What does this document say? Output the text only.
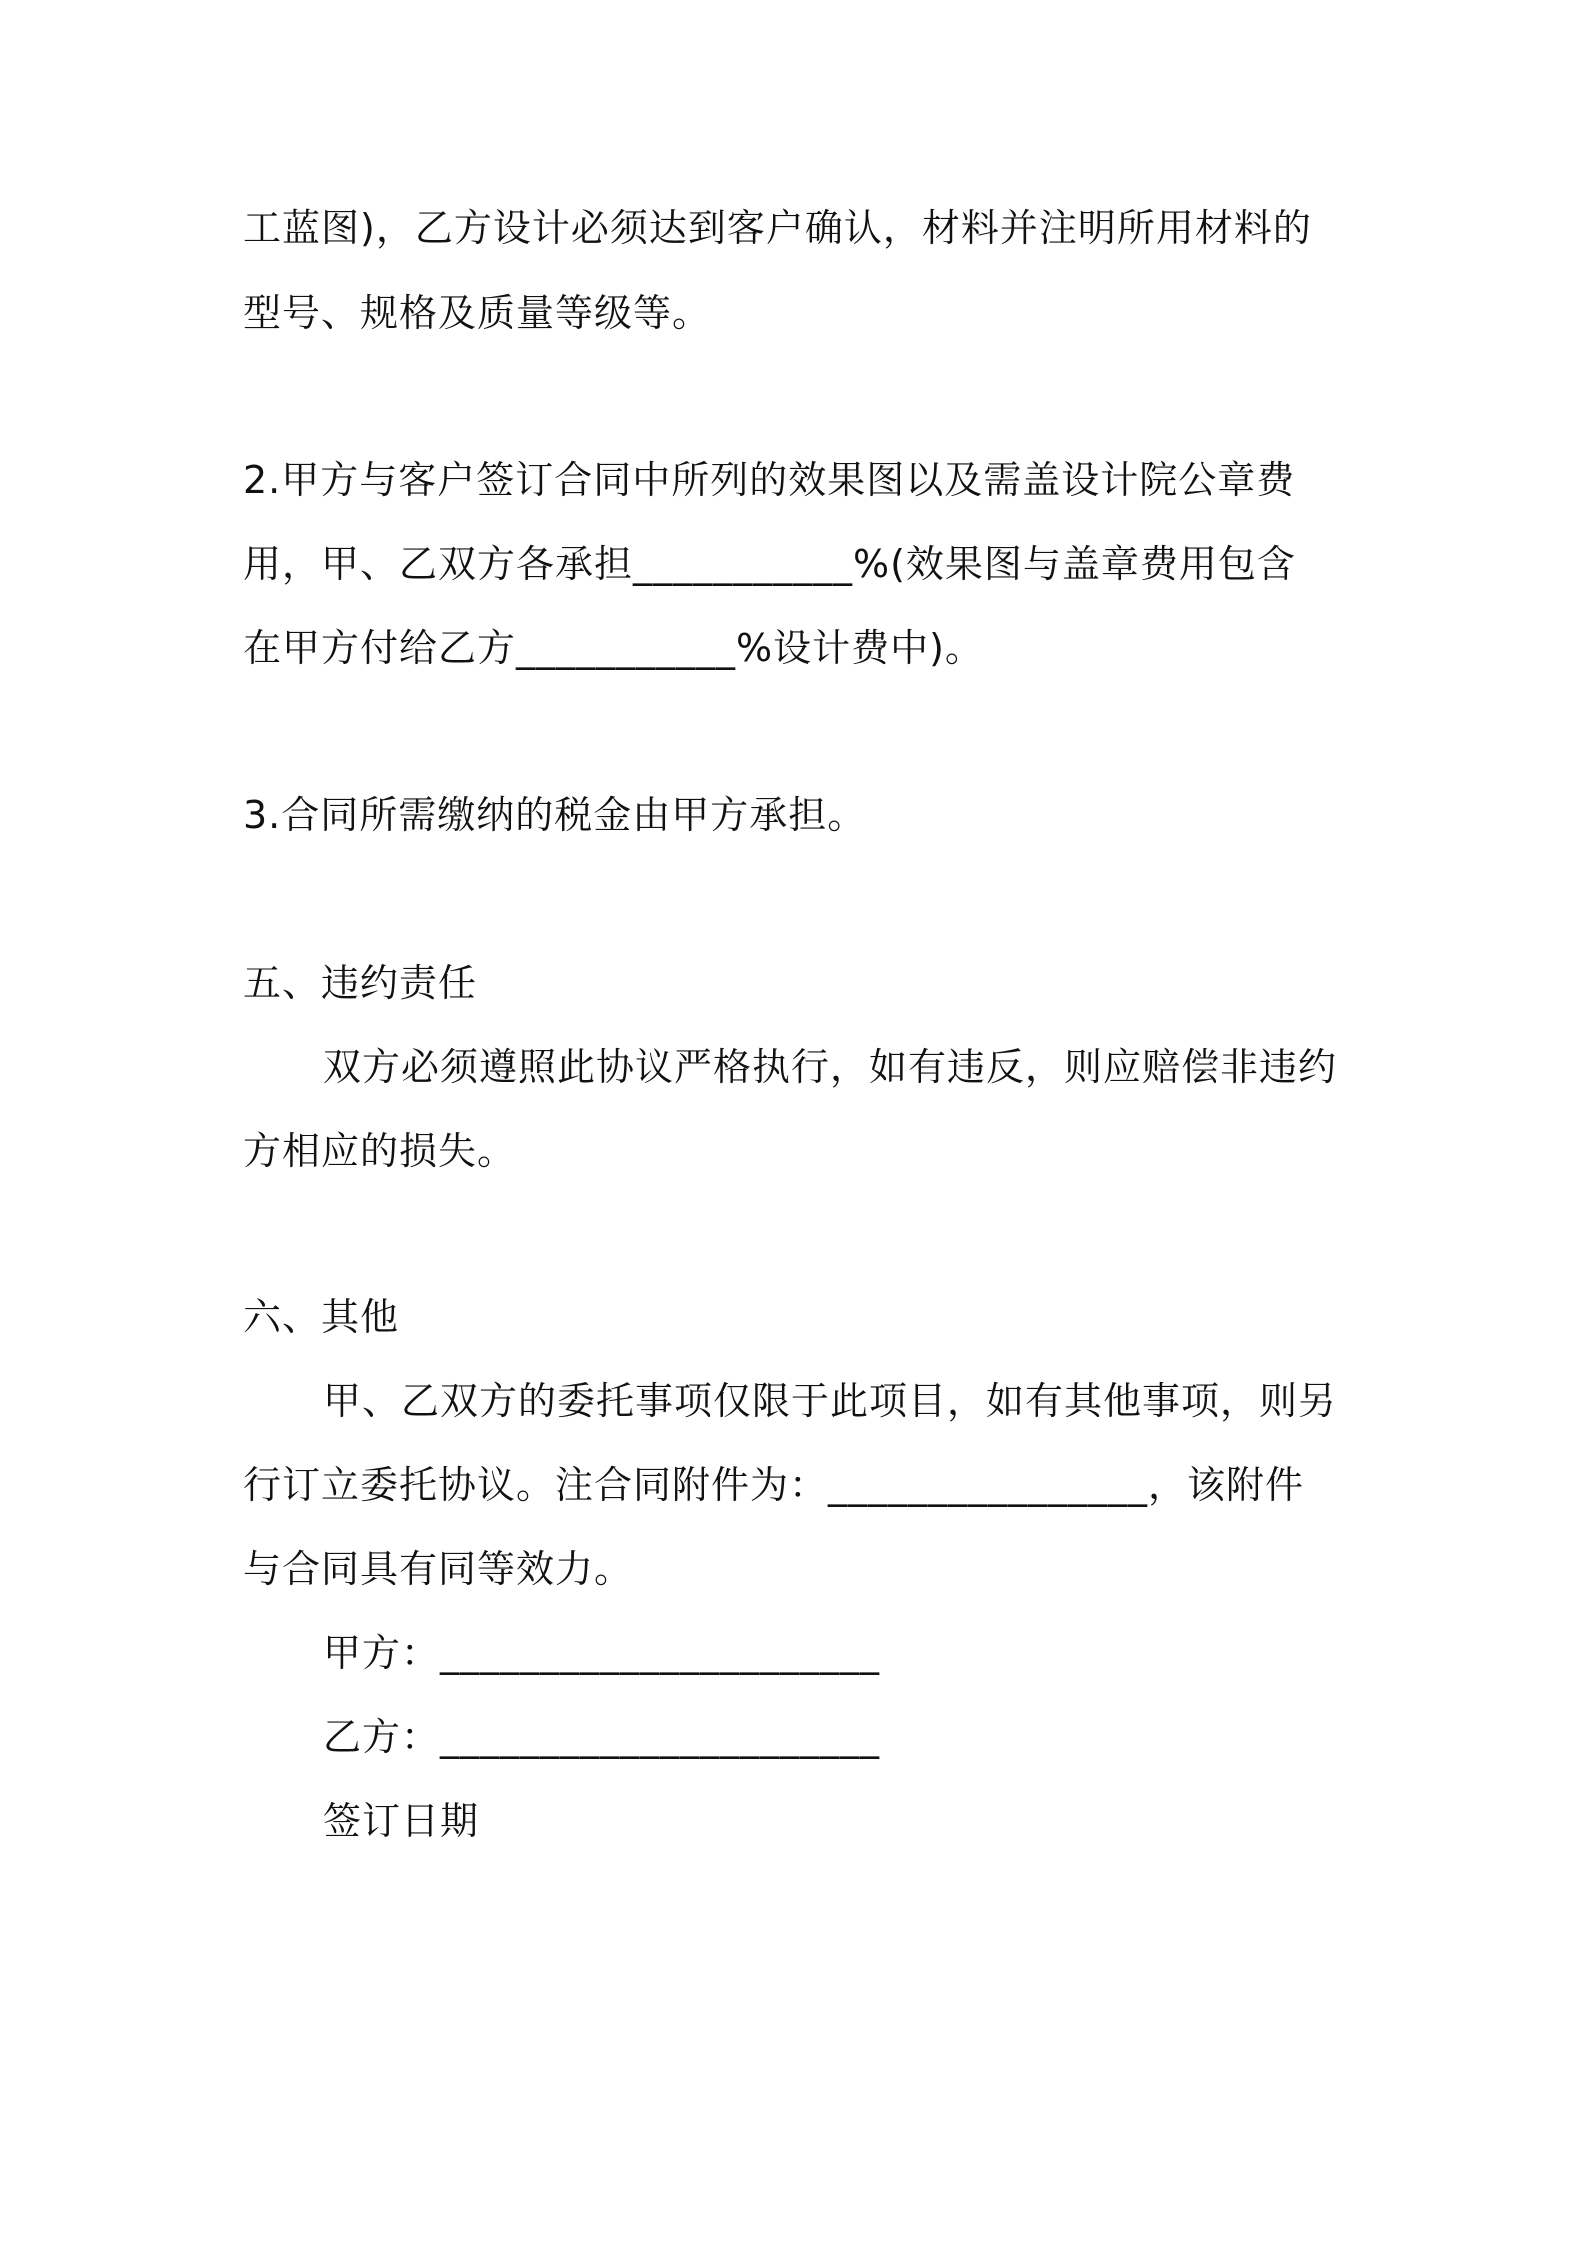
工蓝图)，乙方设计必须达到客户确认，材料并注明所用材料的
型号、规格及质量等级等。
2.甲方与客户签订合同中所列的效果图以及需盖设计院公章费
用，甲、乙双方各承担___________%(效果图与盖章费用包含
在甲方付给乙方___________%设计费中)。
3.合同所需缴纳的税金由甲方承担。
五、违约责任
双方必须遵照此协议严格执行，如有违反，则应赔偿非违约
方相应的损失。
六、其他
甲、乙双方的委托事项仅限于此项目，如有其他事项，则另
行订立委托协议。注合同附件为：________________，该附件
与合同具有同等效力。
甲方：______________________
乙方：______________________
签订日期
